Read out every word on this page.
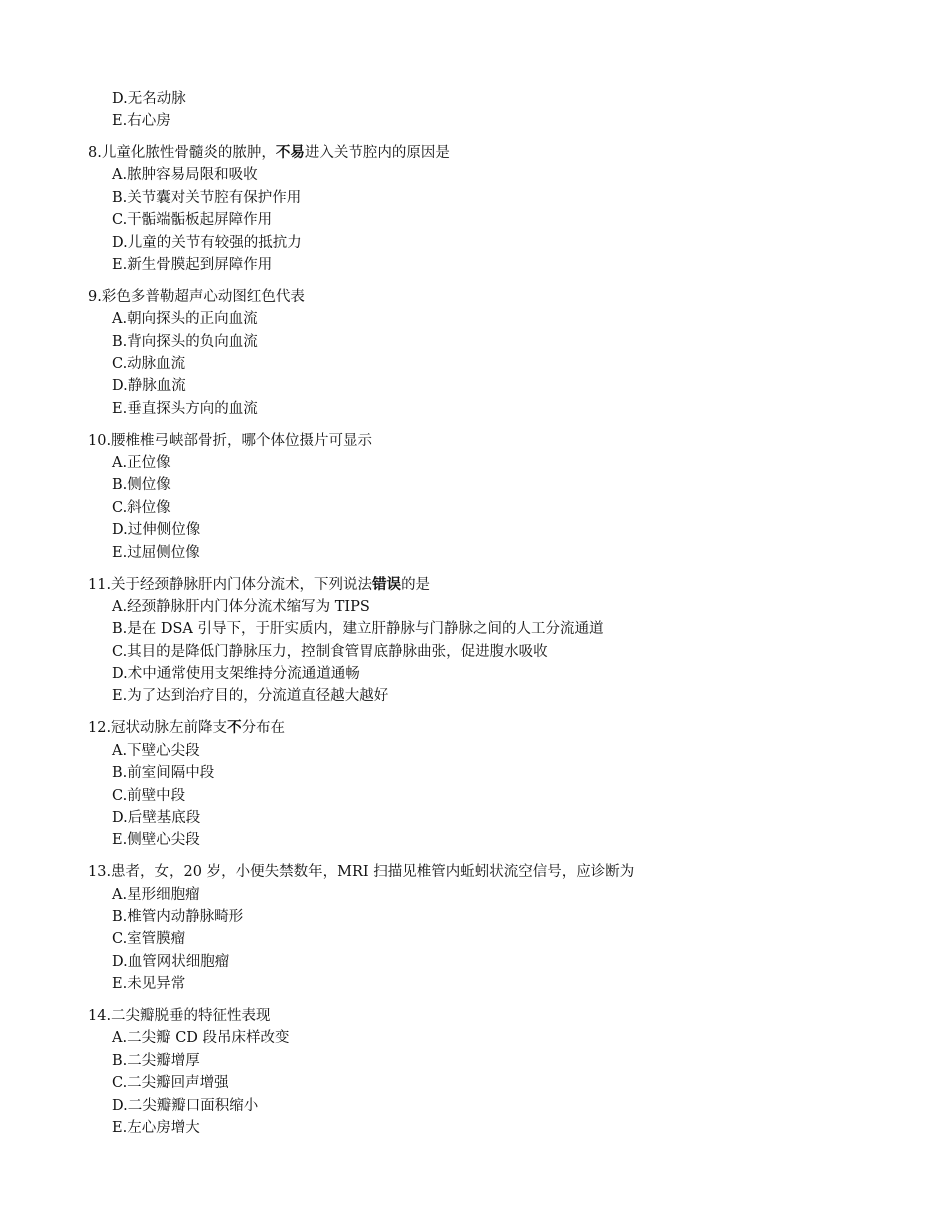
D.无名动脉
E.右心房
8.儿童化脓性骨髓炎的脓肿，不易进入关节腔内的原因是
A.脓肿容易局限和吸收
B.关节囊对关节腔有保护作用
C.干骺端骺板起屏障作用
D.儿童的关节有较强的抵抗力
E.新生骨膜起到屏障作用
9.彩色多普勒超声心动图红色代表
A.朝向探头的正向血流
B.背向探头的负向血流
C.动脉血流
D.静脉血流
E.垂直探头方向的血流
10.腰椎椎弓峡部骨折，哪个体位摄片可显示
A.正位像
B.侧位像
C.斜位像
D.过伸侧位像
E.过屈侧位像
11.关于经颈静脉肝内门体分流术，下列说法错误的是
A.经颈静脉肝内门体分流术缩写为 TIPS
B.是在 DSA 引导下，于肝实质内，建立肝静脉与门静脉之间的人工分流通道
C.其目的是降低门静脉压力，控制食管胃底静脉曲张，促进腹水吸收
D.术中通常使用支架维持分流通道通畅
E.为了达到治疗目的，分流道直径越大越好
12.冠状动脉左前降支不分布在
A.下壁心尖段
B.前室间隔中段
C.前壁中段
D.后壁基底段
E.侧壁心尖段
13.患者，女，20 岁，小便失禁数年，MRI 扫描见椎管内蚯蚓状流空信号，应诊断为
A.星形细胞瘤
B.椎管内动静脉畸形
C.室管膜瘤
D.血管网状细胞瘤
E.未见异常
14.二尖瓣脱垂的特征性表现
A.二尖瓣 CD 段吊床样改变
B.二尖瓣增厚
C.二尖瓣回声增强
D.二尖瓣瓣口面积缩小
E.左心房增大
